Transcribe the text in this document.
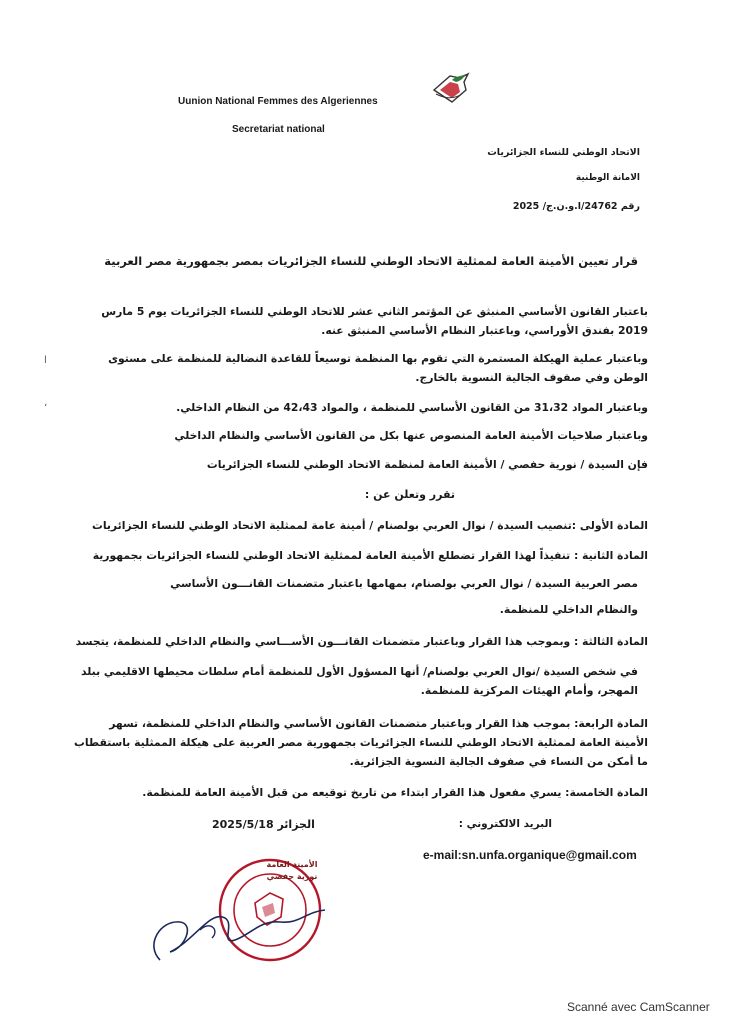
Uunion National Femmes des Algeriennes
Secretariat national
الاتحاد الوطني للنساء الجزائريات
الامانة الوطنية
رقم 24762/ا.و.ن.ج/ 2025
قرار تعيين الأمينة العامة لممثلية الاتحاد الوطني للنساء الجزائريات بمصر بجمهورية مصر العربية
باعتبار القانون الأساسي المنبثق عن المؤتمر الثاني عشر للاتحاد الوطني للنساء الجزائريات يوم 5 مارس 2019 بفندق الأوراسي، وباعتبار النظام الأساسي المنبثق عنه.
وباعتبار عملية الهيكلة المستمرة التي تقوم بها المنظمة توسيعاً للقاعدة النضالية للمنظمة على مستوى الوطن وفي صفوف الجالية النسوية بالخارج.
وباعتبار المواد 31،32 من القانون الأساسي للمنظمة ، والمواد 42،43 من النظام الداخلي.
وباعتبار صلاحيات الأمينة العامة المنصوص عنها بكل من القانون الأساسي والنظام الداخلي
فإن السيدة / نورية حفصي / الأمينة العامة لمنظمة الاتحاد الوطني للنساء الجزائريات
تقرر وتعلن عن :
المادة الأولى :تنصيب السيدة / نوال العربي بولصنام / أمينة عامة لممثلية الاتحاد الوطني للنساء الجزائريات
المادة الثانية : تنفيذاً لهذا القرار تضطلع الأمينة العامة لممثلية الاتحاد الوطني للنساء الجزائريات بجمهورية
مصر العربية السيدة / نوال العربي بولصنام، بمهامها باعتبار متضمنات القانـــون الأساسي
والنظام الداخلي للمنظمة.
المادة الثالثة : وبموجب هذا القرار وباعتبار متضمنات القانـــون الأســـاسي والنظام الداخلي للمنظمة، يتجسد
في شخص السيدة /نوال العربي بولصنام/ أنها المسؤول الأول للمنظمة أمام سلطات محيطها الاقليمي ببلد المهجر، وأمام الهيئات المركزية للمنظمة.
المادة الرابعة: بموجب هذا القرار وباعتبار متضمنات القانون الأساسي والنظام الداخلي للمنظمة، تسهر الأمينة العامة لممثلية الاتحاد الوطني للنساء الجزائريات بجمهورية مصر العربية على هيكلة الممثلية باستقطاب ما أمكن من النساء في صفوف الجالية النسوية الجزائرية.
المادة الخامسة: يسري مفعول هذا القرار ابتداء من تاريخ توقيعه من قبل الأمينة العامة للمنظمة.
البريد الالكتروني :
الجزائر 2025/5/18
e-mail:sn.unfa.organique@gmail.com
الأمينة العامة
نورية حفصي
ا
،
Scanné avec CamScanner
